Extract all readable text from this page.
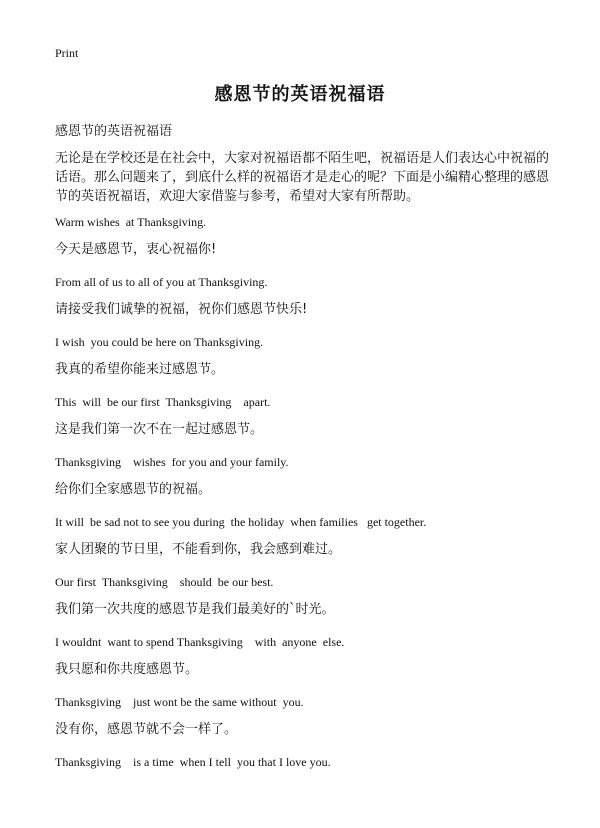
Print
感恩节的英语祝福语
感恩节的英语祝福语
无论是在学校还是在社会中，大家对祝福语都不陌生吧，祝福语是人们表达心中祝福的话语。那么问题来了，到底什么样的祝福语才是走心的呢？下面是小编精心整理的感恩节的英语祝福语，欢迎大家借鉴与参考，希望对大家有所帮助。
Warm wishes  at Thanksgiving.
今天是感恩节，衷心祝福你!
From all of us to all of you at Thanksgiving.
请接受我们诚挚的祝福，祝你们感恩节快乐!
I wish  you could be here on Thanksgiving.
我真的希望你能来过感恩节。
This  will  be our first  Thanksgiving    apart.
这是我们第一次不在一起过感恩节。
Thanksgiving    wishes  for you and your family.
给你们全家感恩节的祝福。
It will  be sad not to see you during  the holiday  when families   get together.
家人团聚的节日里，不能看到你，我会感到难过。
Our first  Thanksgiving    should  be our best.
我们第一次共度的感恩节是我们最美好的`时光。
I wouldnt  want to spend Thanksgiving    with  anyone  else.
我只愿和你共度感恩节。
Thanksgiving    just wont be the same without  you.
没有你，感恩节就不会一样了。
Thanksgiving    is a time  when I tell  you that I love you.
